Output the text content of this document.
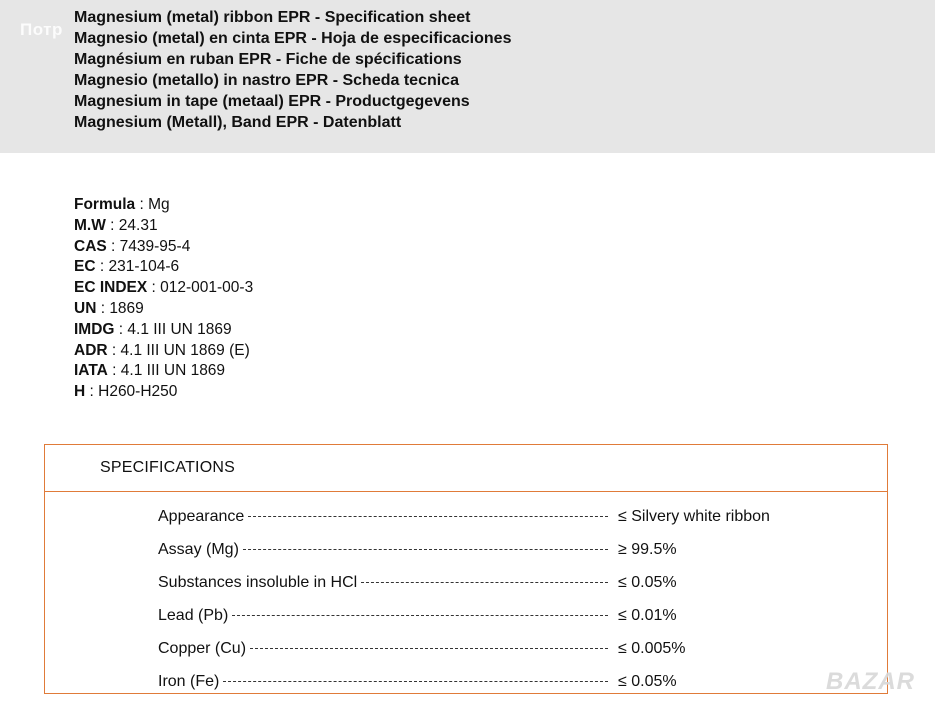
Потр
Magnesium (metal) ribbon EPR - Specification sheet
Magnesio (metal) en cinta EPR - Hoja de especificaciones
Magnésium en ruban EPR - Fiche de spécifications
Magnesio (metallo) in nastro EPR - Scheda tecnica
Magnesium in tape (metaal) EPR - Productgegevens
Magnesium (Metall), Band EPR - Datenblatt
Formula : Mg
M.W : 24.31
CAS : 7439-95-4
EC : 231-104-6
EC INDEX : 012-001-00-3
UN : 1869
IMDG : 4.1 III UN 1869
ADR : 4.1 III UN 1869 (E)
IATA : 4.1 III UN 1869
H : H260-H250
SPECIFICATIONS
Appearance	≤ Silvery white ribbon
Assay (Mg)	≥ 99.5%
Substances insoluble in HCl	≤ 0.05%
Lead (Pb)	≤ 0.01%
Copper (Cu)	≤ 0.005%
Iron (Fe)	≤ 0.05%	BAZAR
